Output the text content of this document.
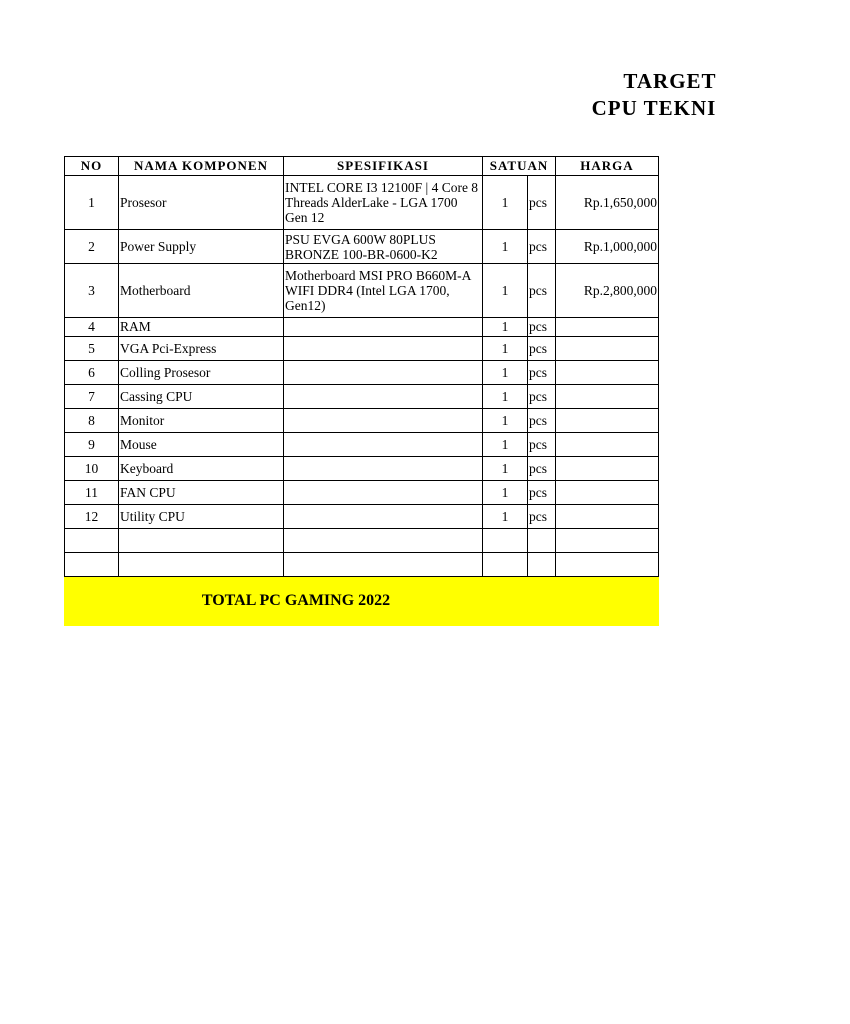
TARGET
CPU TEKNI
NO	NAMA KOMPONEN	SPESIFIKASI	SATUAN		HARGA
1	Prosesor	INTEL CORE I3 12100F | 4 Core 8 Threads AlderLake - LGA 1700 Gen 12	1	pcs	Rp.1,650,000
2	Power Supply	PSU EVGA 600W 80PLUS BRONZE 100-BR-0600-K2	1	pcs	Rp.1,000,000
3	Motherboard	Motherboard MSI PRO B660M-A WIFI DDR4 (Intel LGA 1700, Gen12)	1	pcs	Rp.2,800,000
4	RAM		1	pcs	
5	VGA Pci-Express		1	pcs	
6	Colling Prosesor		1	pcs	
7	Cassing CPU		1	pcs	
8	Monitor		1	pcs	
9	Mouse		1	pcs	
10	Keyboard		1	pcs	
11	FAN CPU		1	pcs	
12	Utility CPU		1	pcs	

TOTAL PC GAMING 2022					
